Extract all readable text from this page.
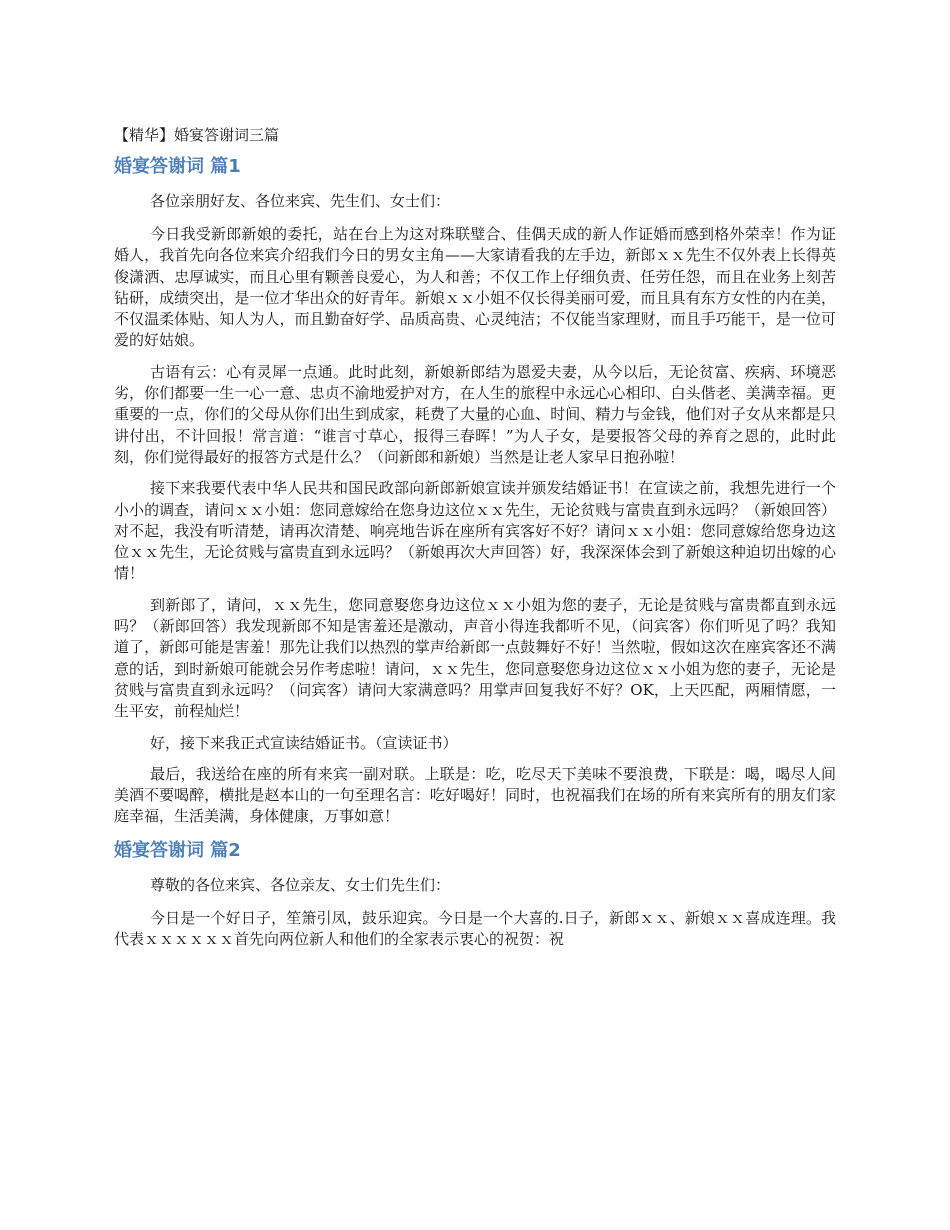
【精华】婚宴答谢词三篇
婚宴答谢词 篇1
各位亲朋好友、各位来宾、先生们、女士们：

今日我受新郎新娘的委托，站在台上为这对珠联璧合、佳偶天成的新人作证婚而感到格外荣幸！作为证婚人，我首先向各位来宾介绍我们今日的男女主角——大家请看我的左手边，新郎ｘｘ先生不仅外表上长得英俊潇洒、忠厚诚实，而且心里有颗善良爱心，为人和善；不仅工作上仔细负责、任劳任怨，而且在业务上刻苦钻研，成绩突出，是一位才华出众的好青年。新娘ｘｘ小姐不仅长得美丽可爱，而且具有东方女性的内在美，不仅温柔体贴、知人为人，而且勤奋好学、品质高贵、心灵纯洁；不仅能当家理财，而且手巧能干，是一位可爱的好姑娘。

古语有云：心有灵犀一点通。此时此刻，新娘新郎结为恩爱夫妻，从今以后，无论贫富、疾病、环境恶劣，你们都要一生一心一意、忠贞不渝地爱护对方，在人生的旅程中永远心心相印、白头偕老、美满幸福。更重要的一点，你们的父母从你们出生到成家，耗费了大量的心血、时间、精力与金钱，他们对子女从来都是只讲付出，不计回报！常言道：“谁言寸草心，报得三春晖！”为人子女，是要报答父母的养育之恩的，此时此刻，你们觉得最好的报答方式是什么？（问新郎和新娘）当然是让老人家早日抱孙啦！

接下来我要代表中华人民共和国民政部向新郎新娘宣读并颁发结婚证书！在宣读之前，我想先进行一个小小的调查，请问ｘｘ小姐：您同意嫁给在您身边这位ｘｘ先生，无论贫贱与富贵直到永远吗？（新娘回答）对不起，我没有听清楚，请再次清楚、响亮地告诉在座所有宾客好不好？请问ｘｘ小姐：您同意嫁给您身边这位ｘｘ先生，无论贫贱与富贵直到永远吗？（新娘再次大声回答）好，我深深体会到了新娘这种迫切出嫁的心情！

到新郎了，请问，ｘｘ先生，您同意娶您身边这位ｘｘ小姐为您的妻子，无论是贫贱与富贵都直到永远吗？（新郎回答）我发现新郎不知是害羞还是激动，声音小得连我都听不见，（问宾客）你们听见了吗？我知道了，新郎可能是害羞！那先让我们以热烈的掌声给新郎一点鼓舞好不好！当然啦，假如这次在座宾客还不满意的话，到时新娘可能就会另作考虑啦！请问，ｘｘ先生，您同意娶您身边这位ｘｘ小姐为您的妻子，无论是贫贱与富贵直到永远吗？（问宾客）请问大家满意吗？用掌声回复我好不好？OK，上天匹配，两厢情愿，一生平安，前程灿烂！

好，接下来我正式宣读结婚证书。（宣读证书）

最后，我送给在座的所有来宾一副对联。上联是：吃，吃尽天下美味不要浪费，下联是：喝，喝尽人间美酒不要喝醉，横批是赵本山的一句至理名言：吃好喝好！同时，也祝福我们在场的所有来宾所有的朋友们家庭幸福，生活美满，身体健康，万事如意！

婚宴答谢词 篇2
尊敬的各位来宾、各位亲友、女士们先生们：

今日是一个好日子，笙箫引凤，鼓乐迎宾。今日是一个大喜的.日子，新郎ｘｘ、新娘ｘｘ喜成连理。我代表ｘｘｘｘｘｘ首先向两位新人和他们的全家表示衷心的祝贺：祝
